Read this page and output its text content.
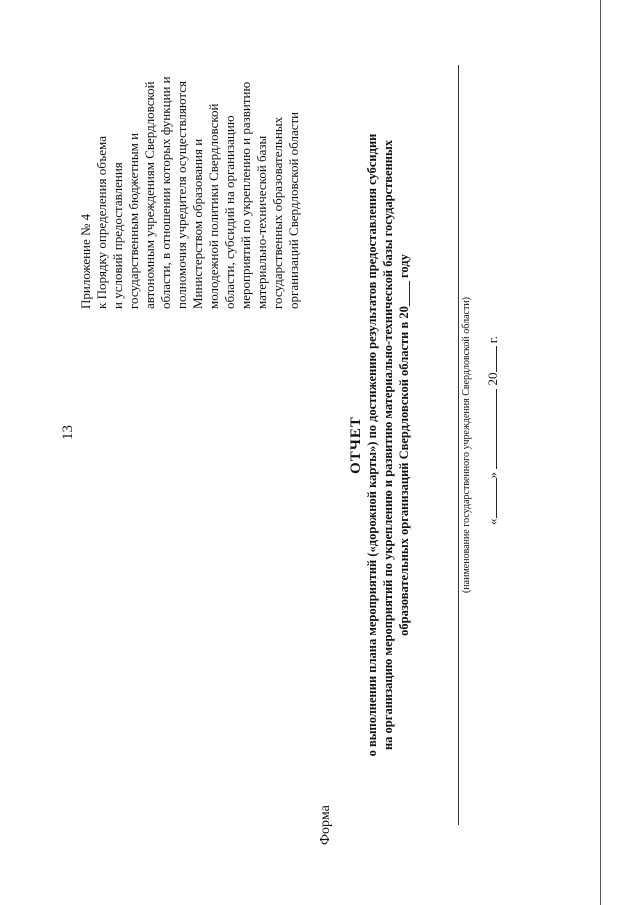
13
Приложение № 4 к Порядку определения объема и условий предоставления государственным бюджетным и автономным учреждениям Свердловской области, в отношении которых функции и полномочия учредителя осуществляются Министерством образования и молодежной политики Свердловской области, субсидий на организацию мероприятий по укреплению и развитию материально-технической базы государственных образовательных организаций Свердловской области
Форма
ОТЧЕТ о выполнении плана мероприятий («дорожной карты») по достижению результатов предоставления субсидии на организацию мероприятий по укреплению и развитию материально-технической базы государственных образовательных организаций Свердловской области в 20____ году	(наименование государственного учреждения Свердловской области) «»  20 г.
